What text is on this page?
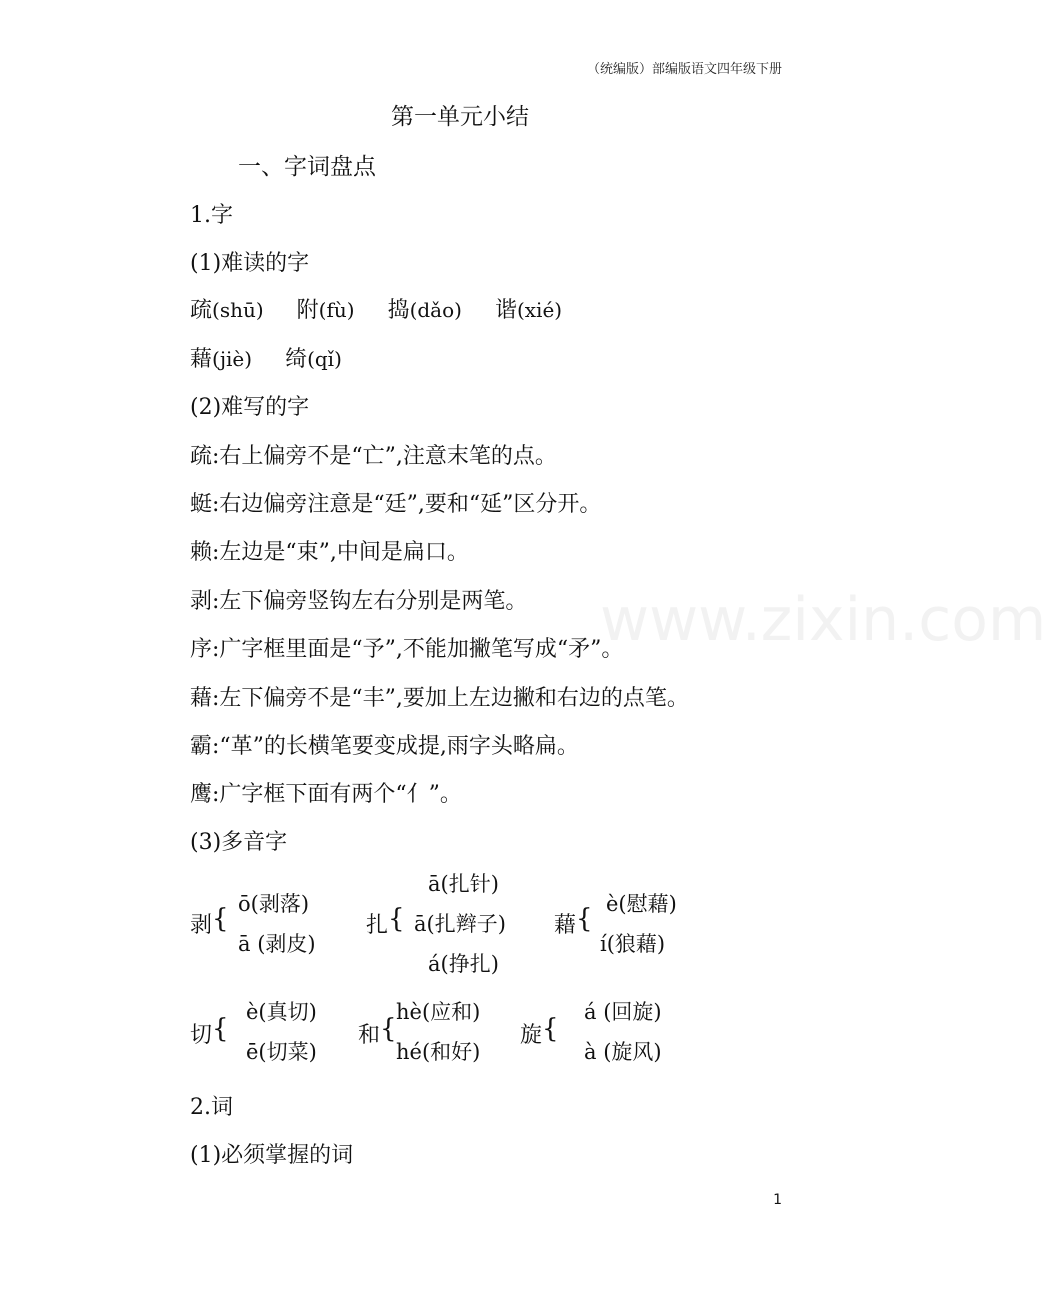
（统编版）部编版语文四年级下册
www.zixin.com
第一单元小结
一、字词盘点
1.字
(1)难读的字
疏(shū) 附(fù) 捣(dǎo) 谐(xié)
藉(jiè) 绮(qǐ)
(2)难写的字
疏:右上偏旁不是“亡”,注意末笔的点。
蜓:右边偏旁注意是“廷”,要和“延”区分开。
赖:左边是“束”,中间是扁口。
剥:左下偏旁竖钩左右分别是两笔。
序:广字框里面是“予”,不能加撇笔写成“矛”。
藉:左下偏旁不是“丰”,要加上左边撇和右边的点笔。
霸:“革”的长横笔要变成提,雨字头略扁。
鹰:广字框下面有两个“亻”。
(3)多音字
剥 { ō(剥落)
ā (剥皮)
扎 {
ā(扎针)
ā(扎辫子)
á(挣扎)
藉 { è(慰藉)
í(狼藉)
切 {
è(真切)
ē(切菜)
和 {
hè(应和)
hé(和好)
旋 {
á (回旋)
à (旋风)
2.词
(1)必须掌握的词
1
